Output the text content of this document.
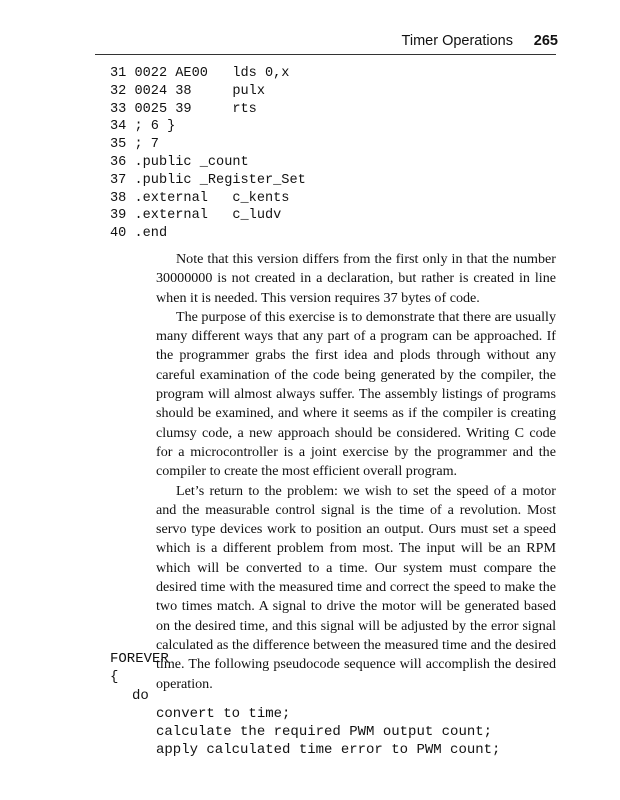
Timer Operations 265
31 0022 AE00   lds 0,x
32 0024 38     pulx
33 0025 39     rts
34 ; 6 }
35 ; 7
36 .public _count
37 .public _Register_Set
38 .external   c_kents
39 .external   c_ludv
40 .end

Note that this version differs from the first only in that the number 30000000 is not created in a declaration, but rather is created in line when it is needed. This version requires 37 bytes of code.

The purpose of this exercise is to demonstrate that there are usually many different ways that any part of a program can be approached. If the programmer grabs the first idea and plods through without any careful examination of the code being generated by the compiler, the program will almost always suffer. The assembly listings of programs should be examined, and where it seems as if the compiler is creating clumsy code, a new approach should be considered. Writing C code for a microcontroller is a joint exercise by the programmer and the compiler to create the most efficient overall program.

Let’s return to the problem: we wish to set the speed of a motor and the measurable control signal is the time of a revolution. Most servo type devices work to position an output. Ours must set a speed which is a different problem from most. The input will be an RPM which will be converted to a time. Our system must compare the desired time with the measured time and correct the speed to make the two times match. A signal to drive the motor will be generated based on the desired time, and this signal will be adjusted by the error signal calculated as the difference between the measured time and the desired time. The following pseudocode sequence will accomplish the desired operation.

FOREVER
{
do
convert to time;
calculate the required PWM output count;
apply calculated time error to PWM count;
